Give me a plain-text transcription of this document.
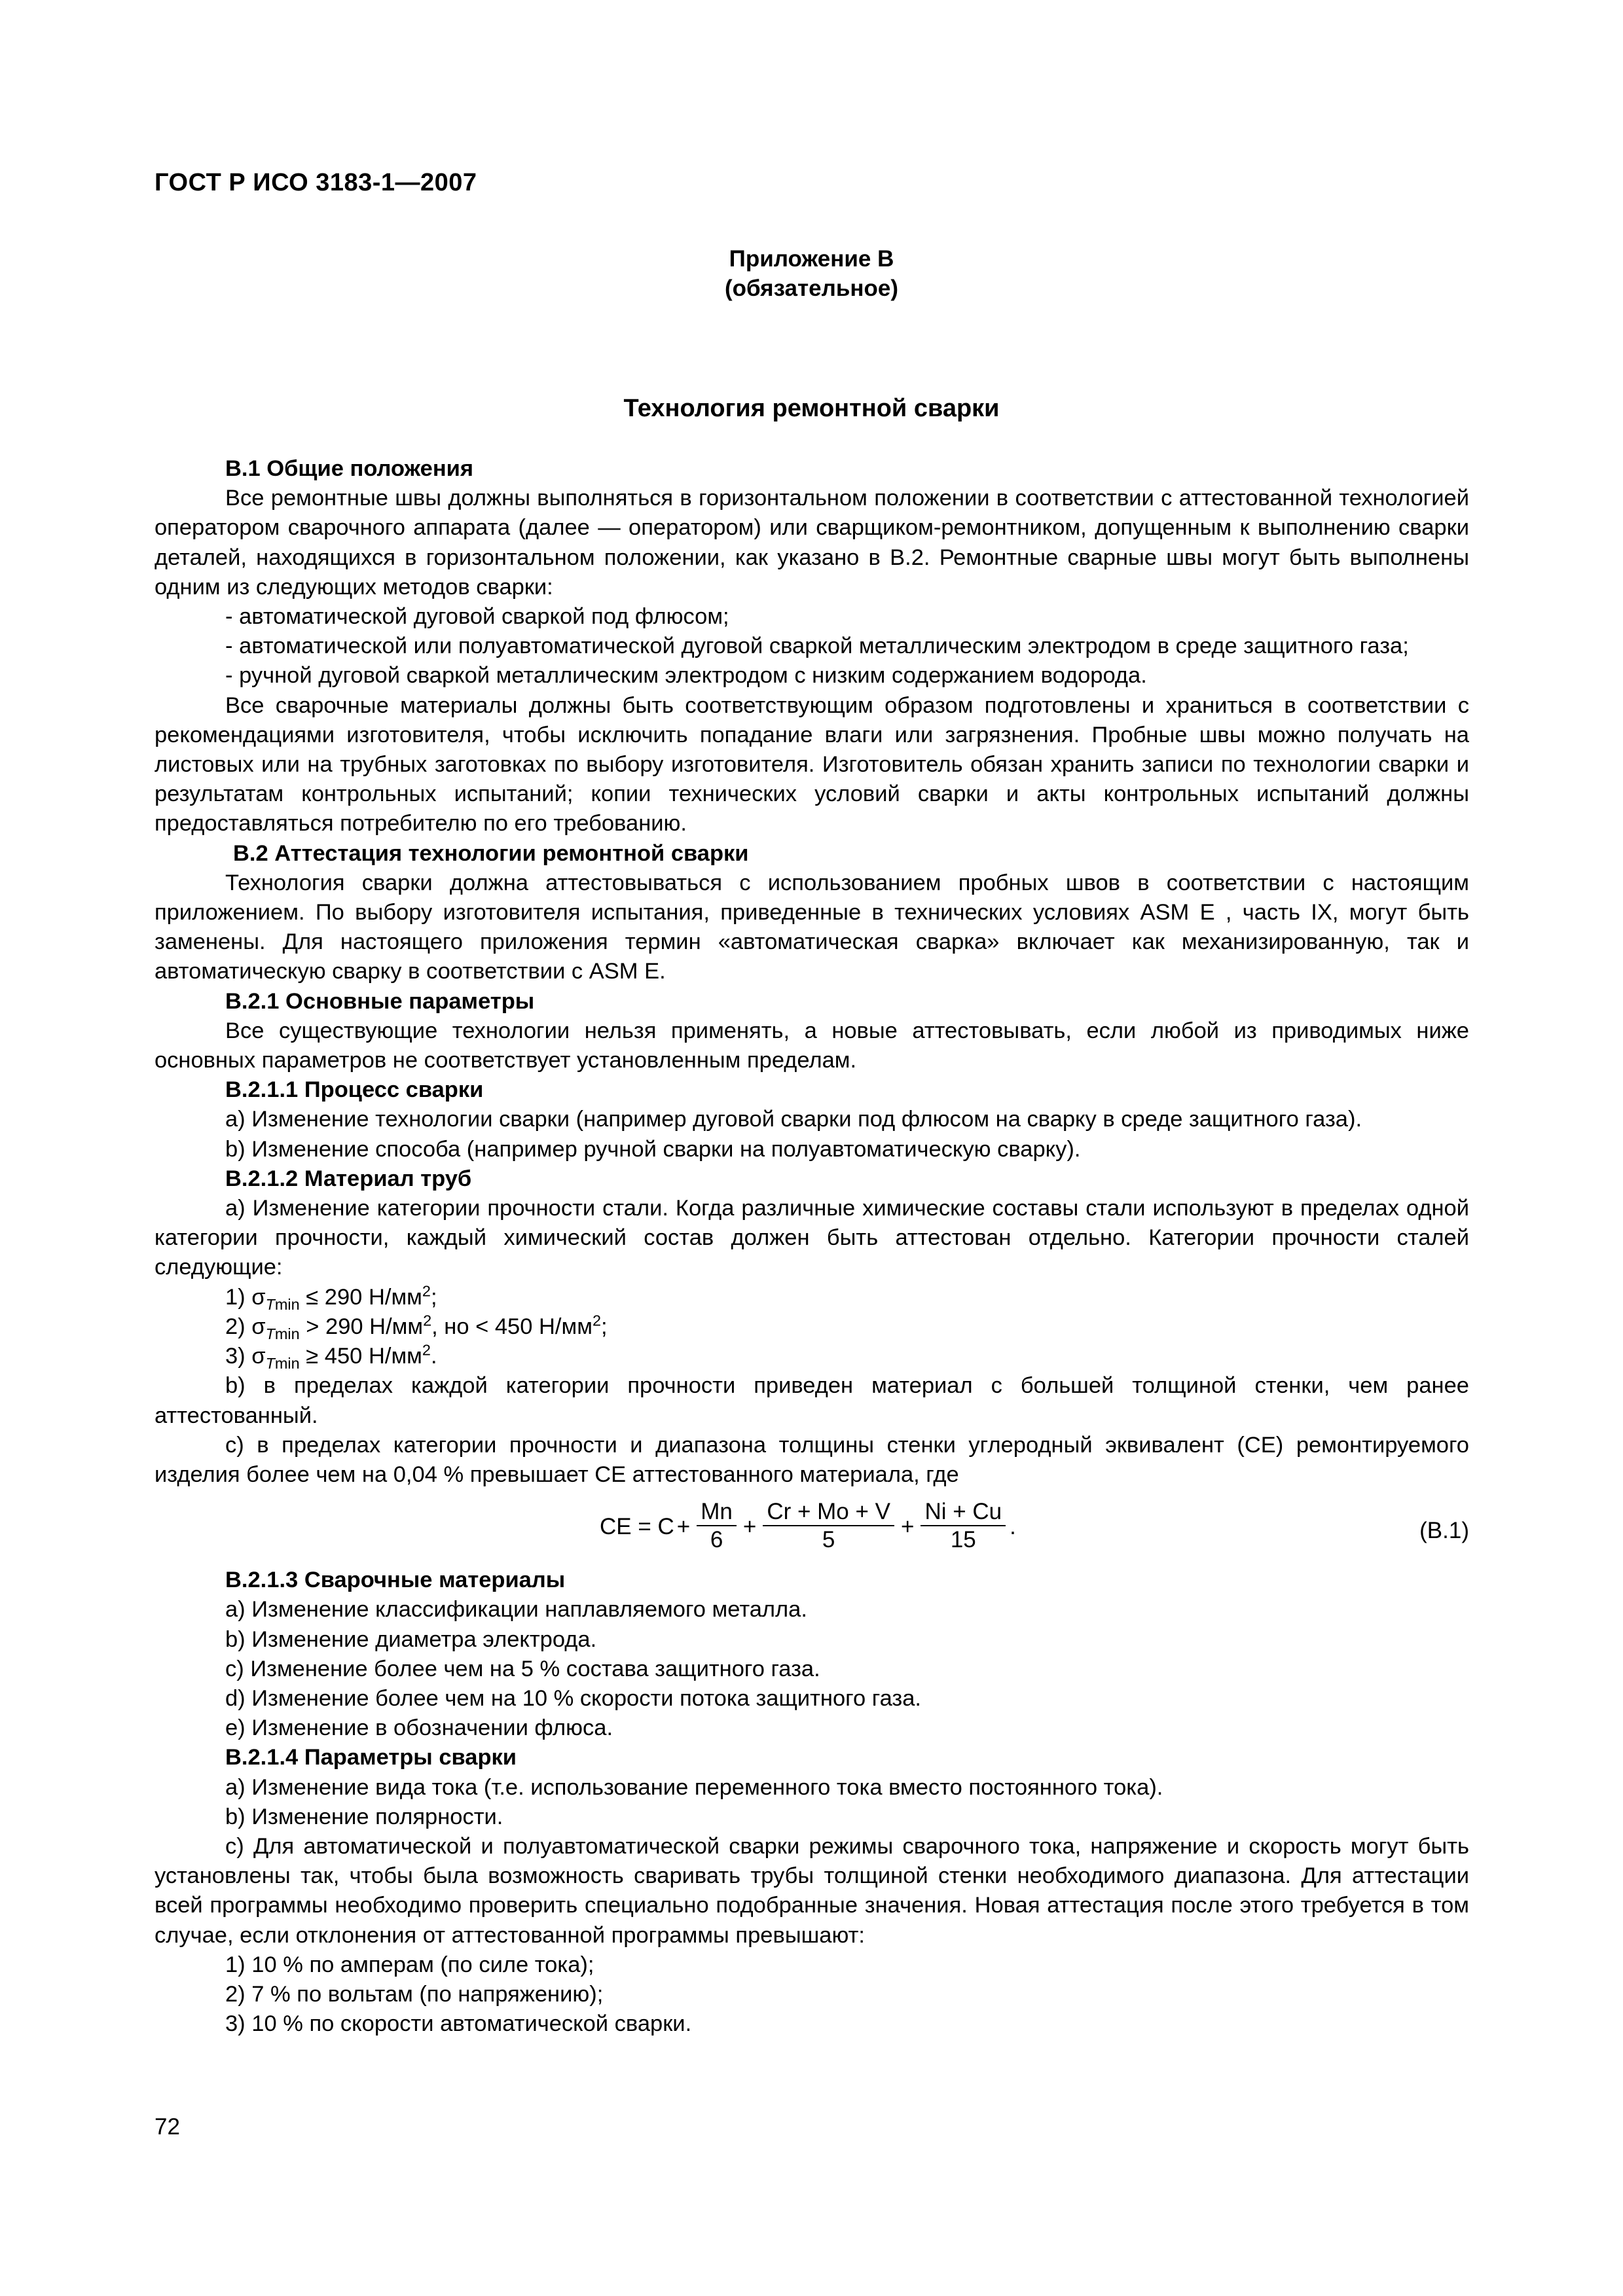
ГОСТ Р ИСО 3183-1—2007
Приложение В
(обязательное)
Технология ремонтной сварки

В.1 Общие положения

Все ремонтные швы должны выполняться в горизонтальном положении в соответствии с аттестованной технологией оператором сварочного аппарата (далее — оператором) или сварщиком-ремонтником, допущенным к выполнению сварки деталей, находящихся в горизонтальном положении, как указано в В.2. Ремонтные сварные швы могут быть выполнены одним из следующих методов сварки:

- автоматической дуговой сваркой под флюсом;

- автоматической или полуавтоматической дуговой сваркой металлическим электродом в среде защитного газа;

- ручной дуговой сваркой металлическим электродом с низким содержанием водорода.

Все сварочные материалы должны быть соответствующим образом подготовлены и храниться в соответствии с рекомендациями изготовителя, чтобы исключить попадание влаги или загрязнения. Пробные швы можно получать на листовых или на трубных заготовках по выбору изготовителя. Изготовитель обязан хранить записи по технологии сварки и результатам контрольных испытаний; копии технических условий сварки и акты контрольных испытаний должны предоставляться потребителю по его требованию.

В.2 Аттестация технологии ремонтной сварки

Технология сварки должна аттестовываться с использованием пробных швов в соответствии с настоящим приложением. По выбору изготовителя испытания, приведенные в технических условиях ASM E , часть IX, могут быть заменены. Для настоящего приложения термин «автоматическая сварка» включает как механизированную, так и автоматическую сварку в соответствии с ASM E.

В.2.1 Основные параметры

Все существующие технологии нельзя применять, а новые аттестовывать, если любой из приводимых ниже основных параметров не соответствует установленным пределам.

В.2.1.1 Процесс сварки

a) Изменение технологии сварки (например дуговой сварки под флюсом на сварку в среде защитного газа).

b) Изменение способа (например ручной сварки на полуавтоматическую сварку).

В.2.1.2 Материал труб

a) Изменение категории прочности стали. Когда различные химические составы стали используют в пределах одной категории прочности, каждый химический состав должен быть аттестован отдельно. Категории прочности сталей следующие:

1) $\sigma_{Tmin} \le 290$ $Н/мм^2$;

2) $\sigma_{Tmin} > 290$ $Н/мм^2$, но < 450 $Н/мм^2$;

3) $\sigma_{Tmin} \ge 450$ $Н/мм^2$.

b) в пределах каждой категории прочности приведен материал с большей толщиной стенки, чем ранее аттестованный.

c) в пределах категории прочности и диапазона толщины стенки углеродный эквивалент (СЕ) ремонтируемого изделия более чем на 0,04 % превышает СЕ аттестованного материала, где

CE = $C + \frac{Mn}{6} + \frac{Cr + Mo + V}{5} + \frac{Ni + Cu}{15}$ .	(В.1)

В.2.1.3 Сварочные материалы

a) Изменение классификации наплавляемого металла.

b) Изменение диаметра электрода.

c) Изменение более чем на 5 % состава защитного газа.

d) Изменение более чем на 10 % скорости потока защитного газа.

e) Изменение в обозначении флюса.

В.2.1.4 Параметры сварки

a) Изменение вида тока (т.е. использование переменного тока вместо постоянного тока).

b) Изменение полярности.

c) Для автоматической и полуавтоматической сварки режимы сварочного тока, напряжение и скорость могут быть установлены так, чтобы была возможность сваривать трубы толщиной стенки необходимого диапазона. Для аттестации всей программы необходимо проверить специально подобранные значения. Новая аттестация после этого требуется в том случае, если отклонения от аттестованной программы превышают:

1) 10 % по амперам (по силе тока);

2) 7 % по вольтам (по напряжению);

3) 10 % по скорости автоматической сварки.

72
